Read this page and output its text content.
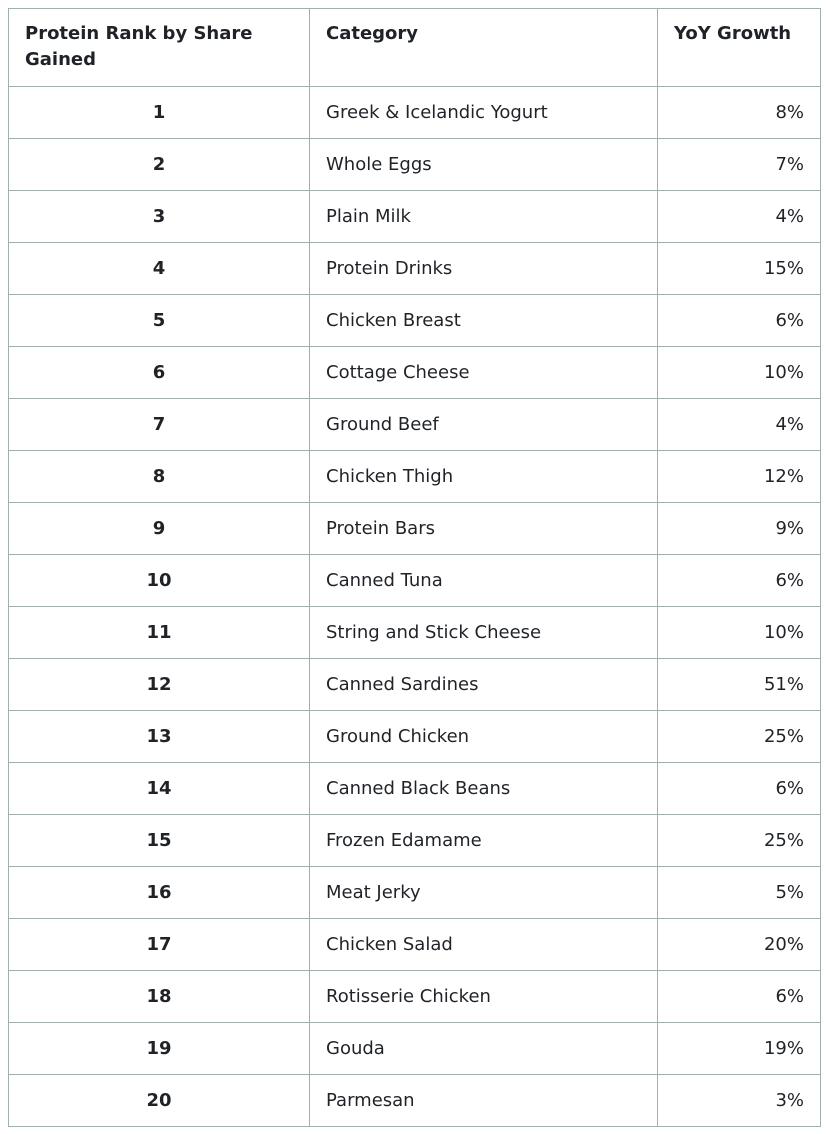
Protein Rank by Share Gained	Category	YoY Growth
1	Greek & Icelandic Yogurt	8%
2	Whole Eggs	7%
3	Plain Milk	4%
4	Protein Drinks	15%
5	Chicken Breast	6%
6	Cottage Cheese	10%
7	Ground Beef	4%
8	Chicken Thigh	12%
9	Protein Bars	9%
10	Canned Tuna	6%
11	String and Stick Cheese	10%
12	Canned Sardines	51%
13	Ground Chicken	25%
14	Canned Black Beans	6%
15	Frozen Edamame	25%
16	Meat Jerky	5%
17	Chicken Salad	20%
18	Rotisserie Chicken	6%
19	Gouda	19%
20	Parmesan	3%
